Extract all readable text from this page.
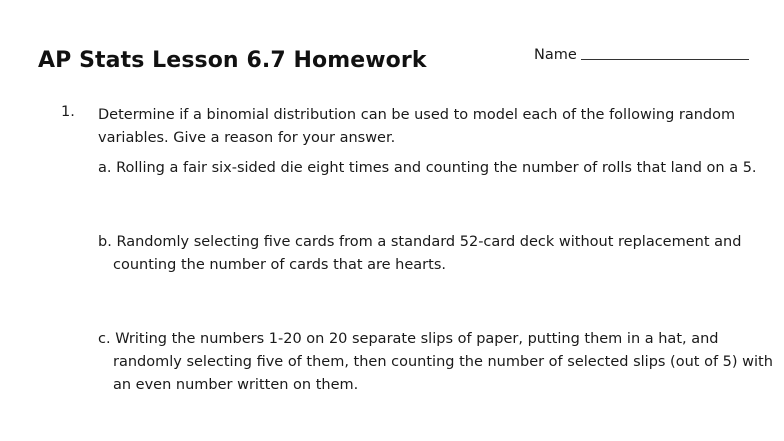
AP Stats Lesson 6.7 Homework	Name
1. Determine if a binomial distribution can be used to model each of the following random
variables. Give a reason for your answer.
a. Rolling a fair six-sided die eight times and counting the number of rolls that land on a 5.
b. Randomly selecting five cards from a standard 52-card deck without replacement and
counting the number of cards that are hearts.
c. Writing the numbers 1-20 on 20 separate slips of paper, putting them in a hat, and
randomly selecting five of them, then counting the number of selected slips (out of 5) with
an even number written on them.
